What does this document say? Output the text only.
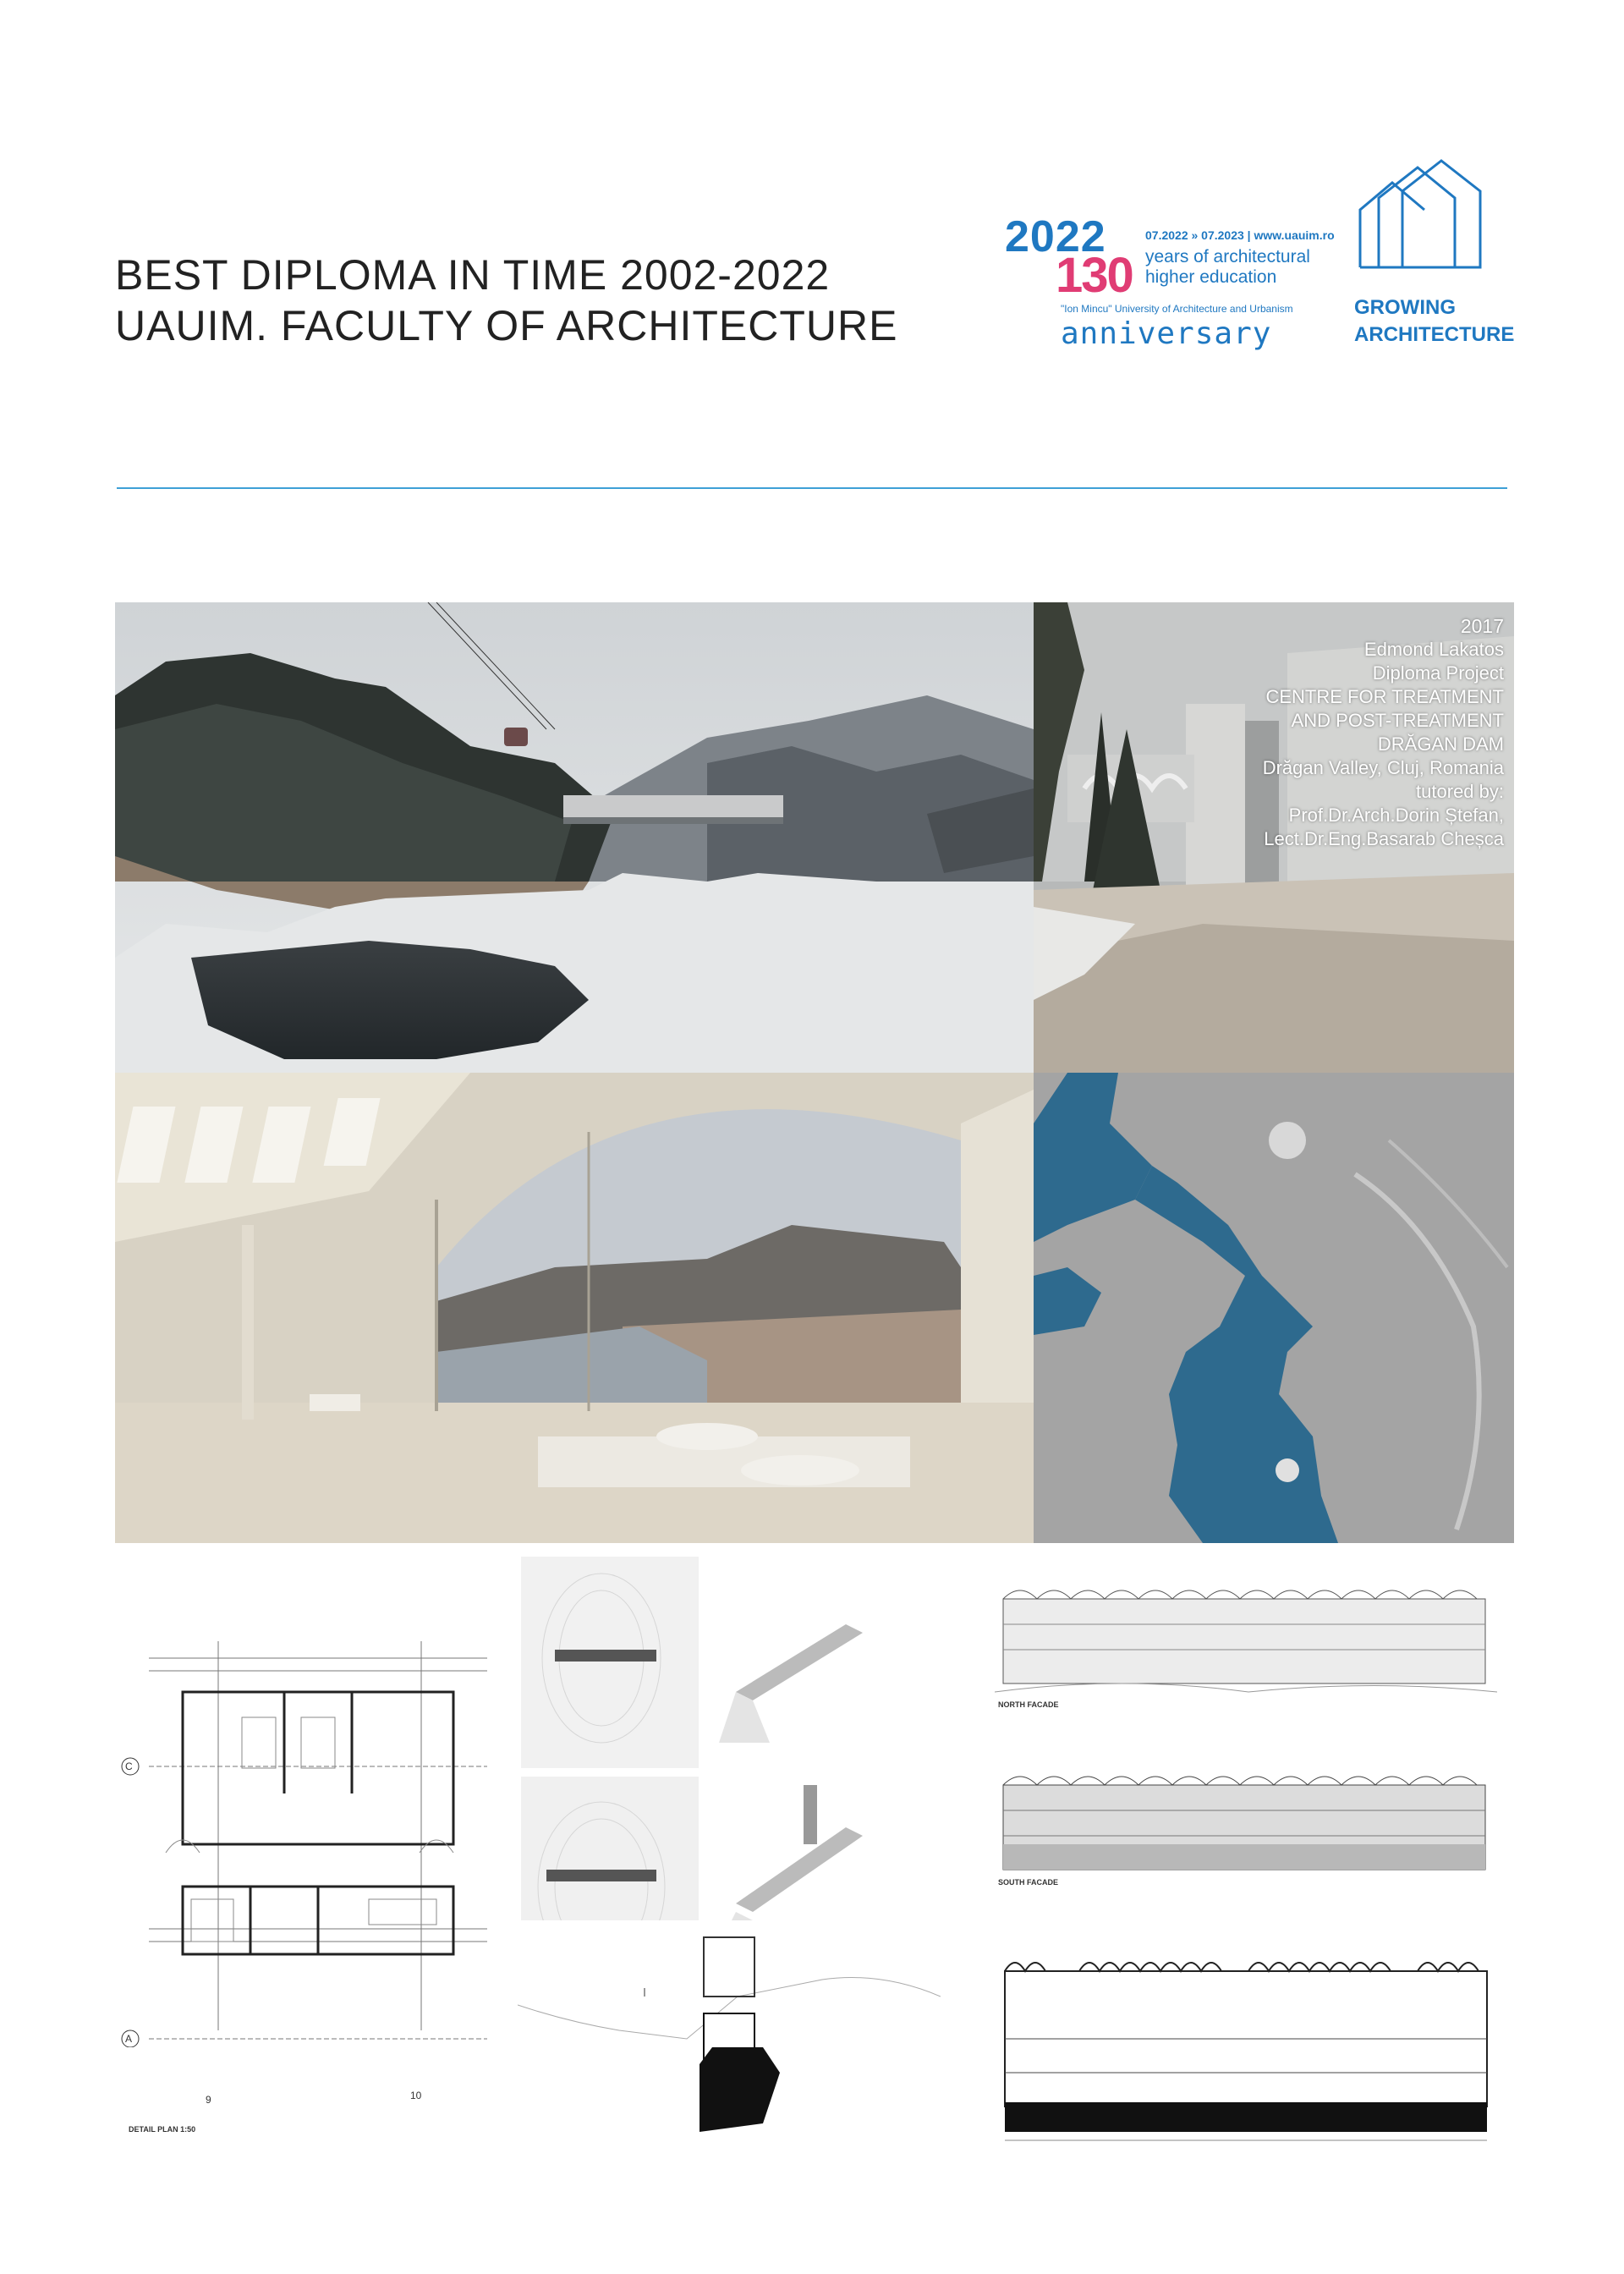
BEST DIPLOMA IN TIME 2002-2022
UAUIM. FACULTY OF ARCHITECTURE
2022
130
07.2022 » 07.2023 | www.uauim.ro
years of architectural
higher education
"Ion Mincu" University of Architecture and Urbanism
anniversary
GROWING
ARCHITECTURE
2017
Edmond Lakatos
Diploma Project
CENTRE FOR TREATMENT
AND POST-TREATMENT
DRĂGAN DAM
Drăgan Valley, Cluj, Romania
tutored by:
Prof.Dr.Arch.Dorin Ștefan,
Lect.Dr.Eng.Basarab Cheșca
C
A
9	10
DETAIL PLAN 1:50
NORTH FACADE
SOUTH FACADE
